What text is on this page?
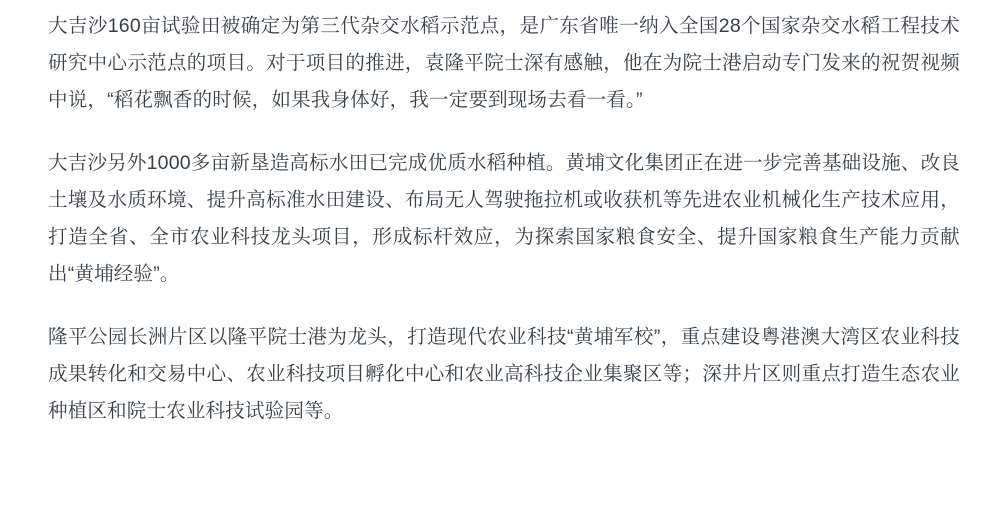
大吉沙160亩试验田被确定为第三代杂交水稻示范点，是广东省唯一纳入全国28个国家杂交水稻工程技术研究中心示范点的项目。对于项目的推进，袁隆平院士深有感触，他在为院士港启动专门发来的祝贺视频中说，“稻花飘香的时候，如果我身体好，我一定要到现场去看一看。”

大吉沙另外1000多亩新垦造高标水田已完成优质水稻种植。黄埔文化集团正在进一步完善基础设施、改良土壤及水质环境、提升高标准水田建设、布局无人驾驶拖拉机或收获机等先进农业机械化生产技术应用，打造全省、全市农业科技龙头项目，形成标杆效应，为探索国家粮食安全、提升国家粮食生产能力贡献出“黄埔经验”。

隆平公园长洲片区以隆平院士港为龙头，打造现代农业科技“黄埔军校”，重点建设粤港澳大湾区农业科技成果转化和交易中心、农业科技项目孵化中心和农业高科技企业集聚区等；深井片区则重点打造生态农业种植区和院士农业科技试验园等。
